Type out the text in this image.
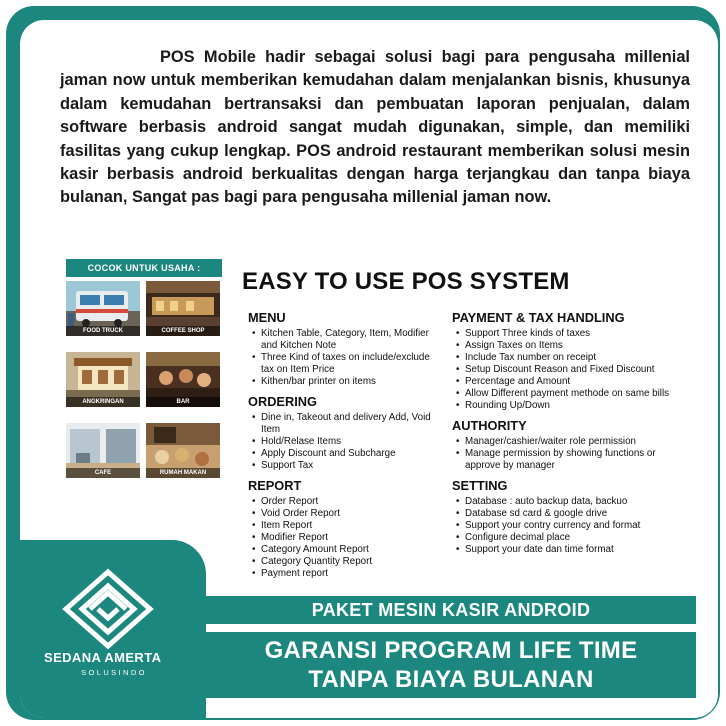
POS Mobile hadir sebagai solusi bagi para pengusaha millenial jaman now untuk memberikan kemudahan dalam menjalankan bisnis, khusunya dalam kemudahan bertransaksi dan pembuatan laporan penjualan, dalam software berbasis android sangat mudah digunakan, simple, dan memiliki fasilitas yang cukup lengkap. POS android restaurant memberikan solusi mesin kasir berbasis android berkualitas dengan harga terjangkau dan tanpa biaya bulanan, Sangat pas bagi para pengusaha millenial jaman now.
COCOK UNTUK USAHA :
FOOD TRUCK	COFFEE SHOP
ANGKRINGAN	BAR
CAFE	RUMAH MAKAN
EASY TO USE POS SYSTEM
MENU
• Kitchen Table, Category, Item, Modifier and Kitchen Note
• Three Kind of taxes on include/exclude tax on Item Price
• Kithen/bar printer on items
ORDERING
• Dine in, Takeout and delivery Add, Void Item
• Hold/Relase Items
• Apply Discount and Subcharge
• Support Tax
REPORT
• Order Report
• Void Order Report
• Item Report
• Modifier Report
• Category Amount Report
• Category Quantity Report
• Payment report
PAYMENT & TAX HANDLING
• Support Three kinds of taxes
• Assign Taxes on Items
• Include Tax number on receipt
• Setup Discount Reason and Fixed Discount
• Percentage and Amount
• Allow Different payment methode on same bills
• Rounding Up/Down
AUTHORITY
• Manager/cashier/waiter role permission
• Manage permission by showing functions or approve by manager
SETTING
• Database : auto backup data, backuo
• Database sd card & google drive
• Support your contry currency and format
• Configure decimal place
• Support your date dan time format
SEDANA AMERTA
SOLUSINDO
PAKET MESIN KASIR ANDROID
GARANSI PROGRAM LIFE TIME
TANPA BIAYA BULANAN
